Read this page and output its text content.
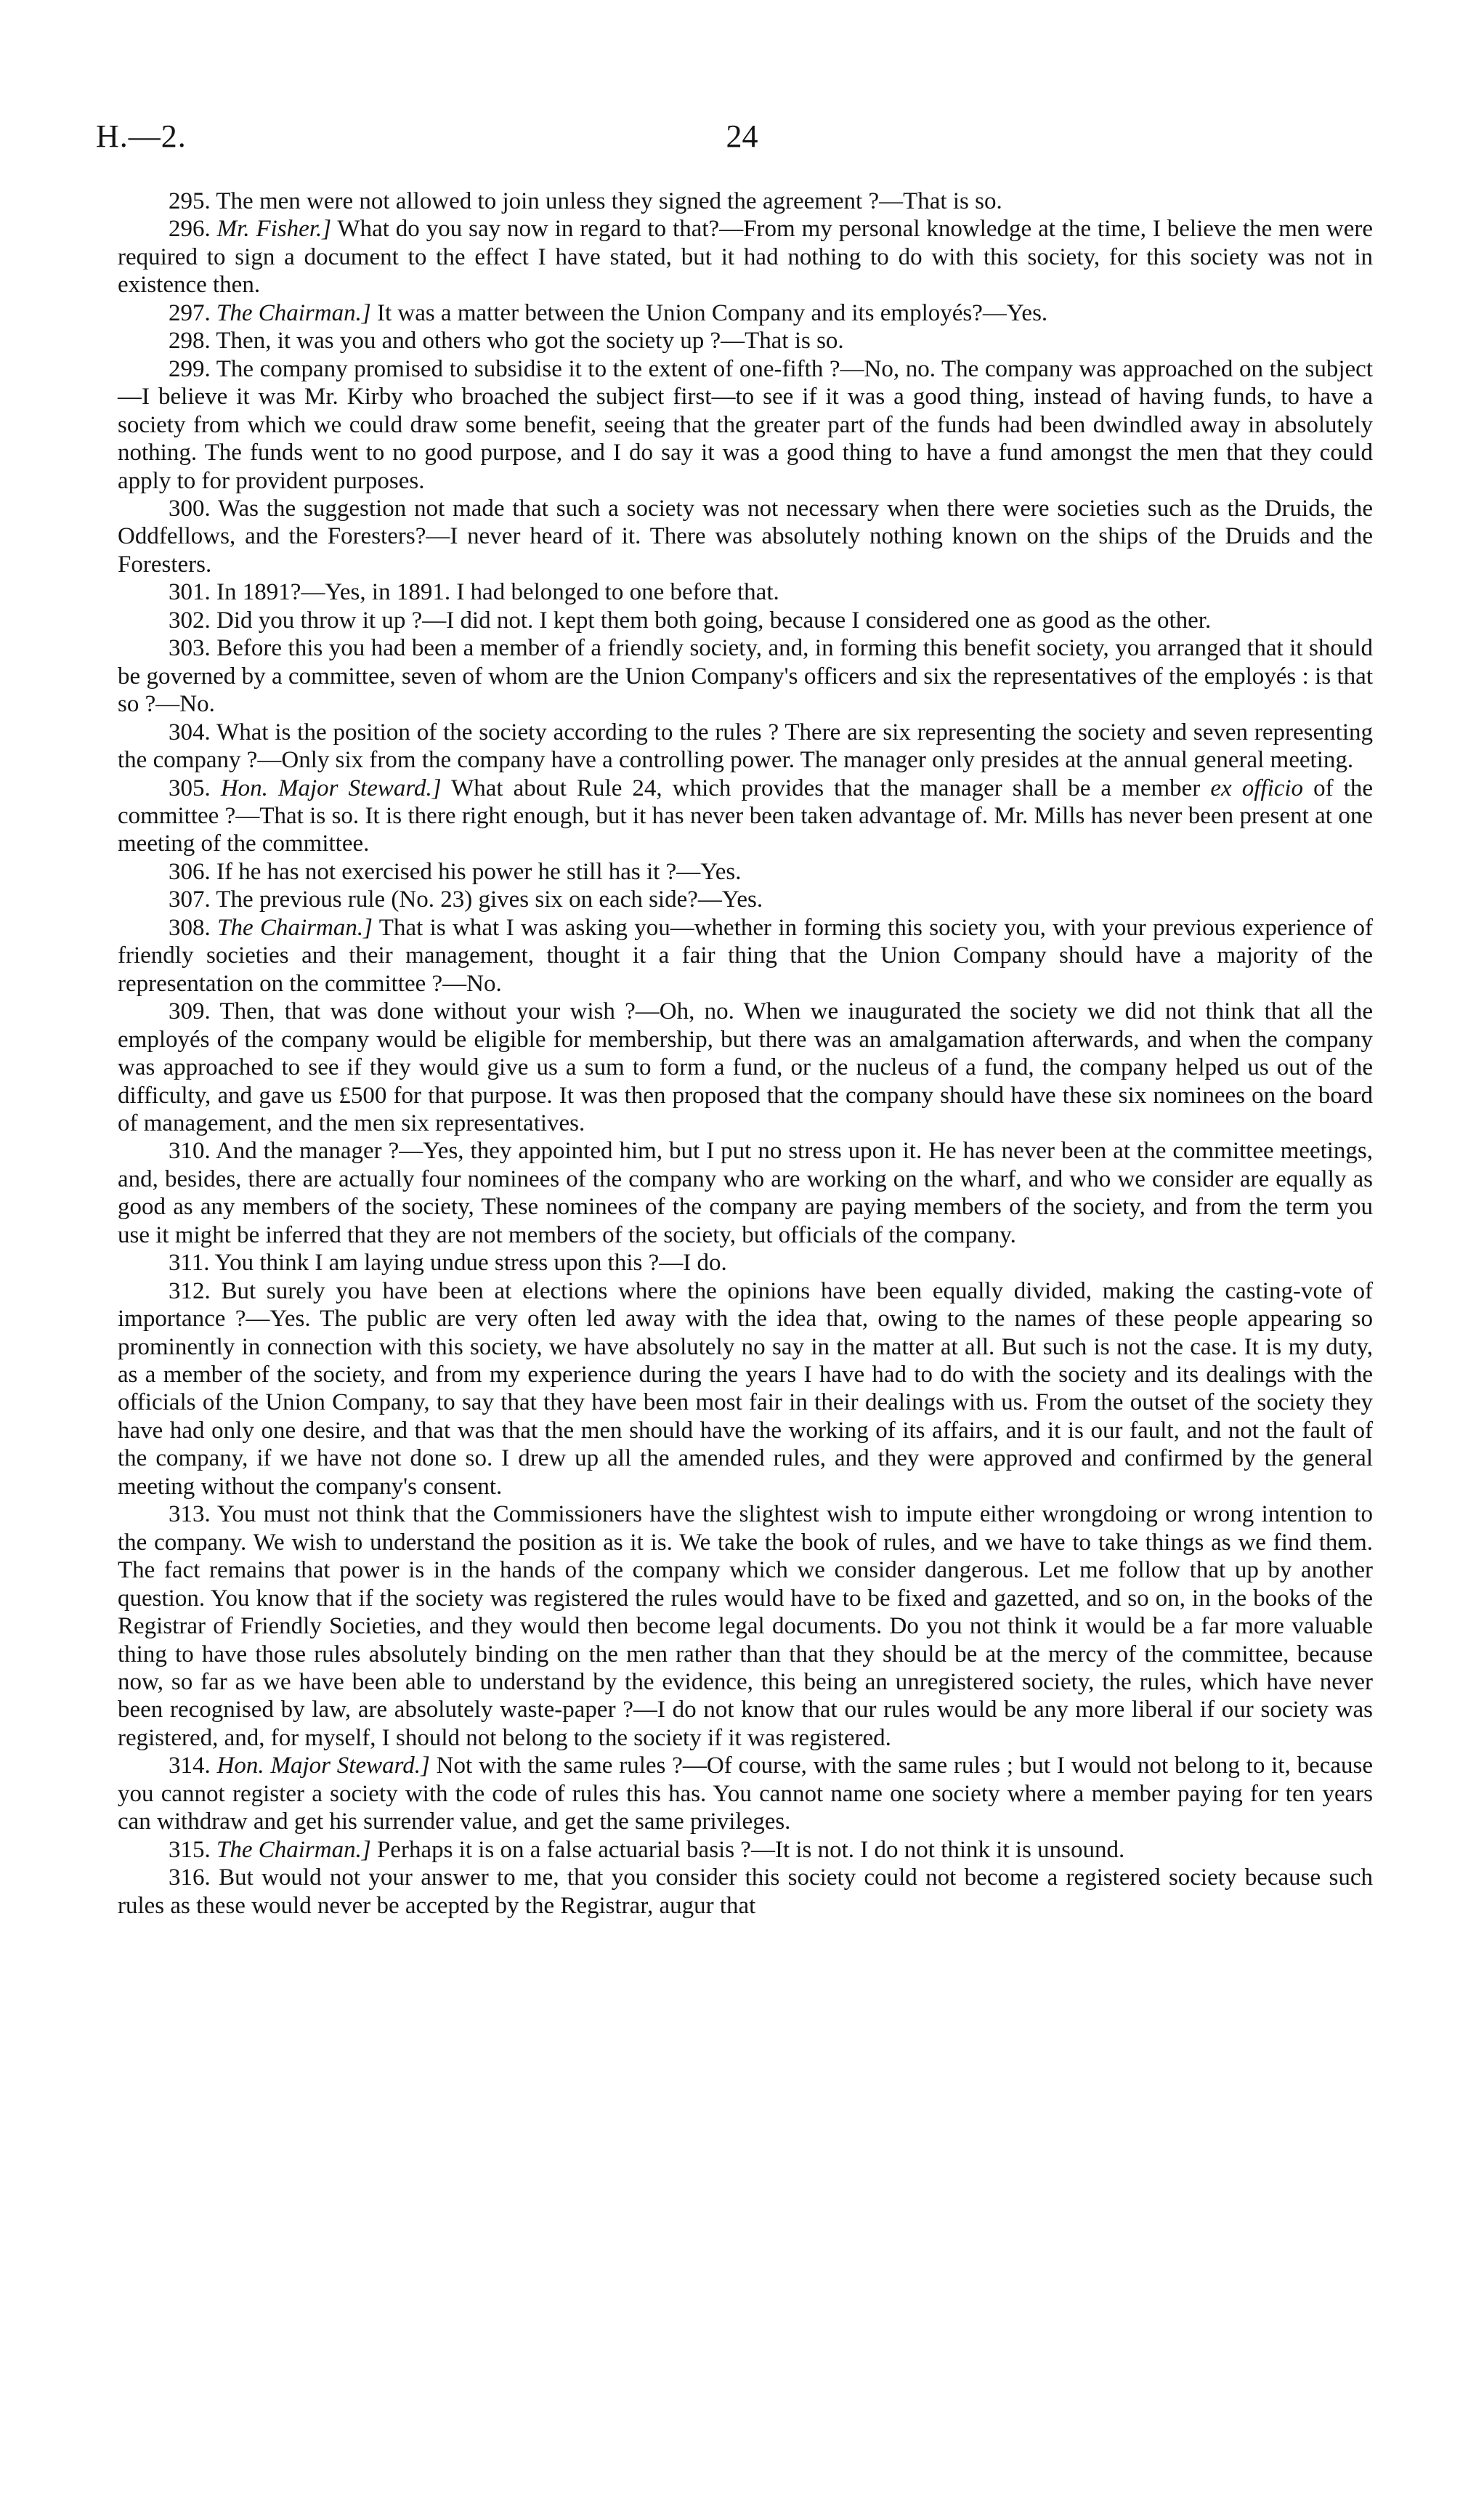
H.—2.	24

295. The men were not allowed to join unless they signed the agreement ?—That is so.

296. Mr. Fisher.] What do you say now in regard to that?—From my personal knowledge at the time, I believe the men were required to sign a document to the effect I have stated, but it had nothing to do with this society, for this society was not in existence then.

297. The Chairman.] It was a matter between the Union Company and its employés?—Yes.

298. Then, it was you and others who got the society up ?—That is so.

299. The company promised to subsidise it to the extent of one-fifth ?—No, no. The company was approached on the subject—I believe it was Mr. Kirby who broached the subject first—to see if it was a good thing, instead of having funds, to have a society from which we could draw some benefit, seeing that the greater part of the funds had been dwindled away in absolutely nothing. The funds went to no good purpose, and I do say it was a good thing to have a fund amongst the men that they could apply to for provident purposes.

300. Was the suggestion not made that such a society was not necessary when there were societies such as the Druids, the Oddfellows, and the Foresters?—I never heard of it. There was absolutely nothing known on the ships of the Druids and the Foresters.

301. In 1891?—Yes, in 1891. I had belonged to one before that.

302. Did you throw it up ?—I did not. I kept them both going, because I considered one as good as the other.

303. Before this you had been a member of a friendly society, and, in forming this benefit society, you arranged that it should be governed by a committee, seven of whom are the Union Company's officers and six the representatives of the employés : is that so ?—No.

304. What is the position of the society according to the rules ? There are six representing the society and seven representing the company ?—Only six from the company have a controlling power. The manager only presides at the annual general meeting.

305. Hon. Major Steward.] What about Rule 24, which provides that the manager shall be a member ex officio of the committee ?—That is so. It is there right enough, but it has never been taken advantage of. Mr. Mills has never been present at one meeting of the committee.

306. If he has not exercised his power he still has it ?—Yes.

307. The previous rule (No. 23) gives six on each side?—Yes.

308. The Chairman.] That is what I was asking you—whether in forming this society you, with your previous experience of friendly societies and their management, thought it a fair thing that the Union Company should have a majority of the representation on the committee ?—No.

309. Then, that was done without your wish ?—Oh, no. When we inaugurated the society we did not think that all the employés of the company would be eligible for membership, but there was an amalgamation afterwards, and when the company was approached to see if they would give us a sum to form a fund, or the nucleus of a fund, the company helped us out of the difficulty, and gave us £500 for that purpose. It was then proposed that the company should have these six nominees on the board of management, and the men six representatives.

310. And the manager ?—Yes, they appointed him, but I put no stress upon it. He has never been at the committee meetings, and, besides, there are actually four nominees of the company who are working on the wharf, and who we consider are equally as good as any members of the society, These nominees of the company are paying members of the society, and from the term you use it might be inferred that they are not members of the society, but officials of the company.

311. You think I am laying undue stress upon this ?—I do.

312. But surely you have been at elections where the opinions have been equally divided, making the casting-vote of importance ?—Yes. The public are very often led away with the idea that, owing to the names of these people appearing so prominently in connection with this society, we have absolutely no say in the matter at all. But such is not the case. It is my duty, as a member of the society, and from my experience during the years I have had to do with the society and its dealings with the officials of the Union Company, to say that they have been most fair in their dealings with us. From the outset of the society they have had only one desire, and that was that the men should have the working of its affairs, and it is our fault, and not the fault of the company, if we have not done so. I drew up all the amended rules, and they were approved and confirmed by the general meeting without the company's consent.

313. You must not think that the Commissioners have the slightest wish to impute either wrongdoing or wrong intention to the company. We wish to understand the position as it is. We take the book of rules, and we have to take things as we find them. The fact remains that power is in the hands of the company which we consider dangerous. Let me follow that up by another question. You know that if the society was registered the rules would have to be fixed and gazetted, and so on, in the books of the Registrar of Friendly Societies, and they would then become legal documents. Do you not think it would be a far more valuable thing to have those rules absolutely binding on the men rather than that they should be at the mercy of the committee, because now, so far as we have been able to understand by the evidence, this being an unregistered society, the rules, which have never been recognised by law, are absolutely waste-paper ?—I do not know that our rules would be any more liberal if our society was registered, and, for myself, I should not belong to the society if it was registered.

314. Hon. Major Steward.] Not with the same rules ?—Of course, with the same rules ; but I would not belong to it, because you cannot register a society with the code of rules this has. You cannot name one society where a member paying for ten years can withdraw and get his surrender value, and get the same privileges.

315. The Chairman.] Perhaps it is on a false actuarial basis ?—It is not. I do not think it is unsound.

316. But would not your answer to me, that you consider this society could not become a registered society because such rules as these would never be accepted by the Registrar, augur that
